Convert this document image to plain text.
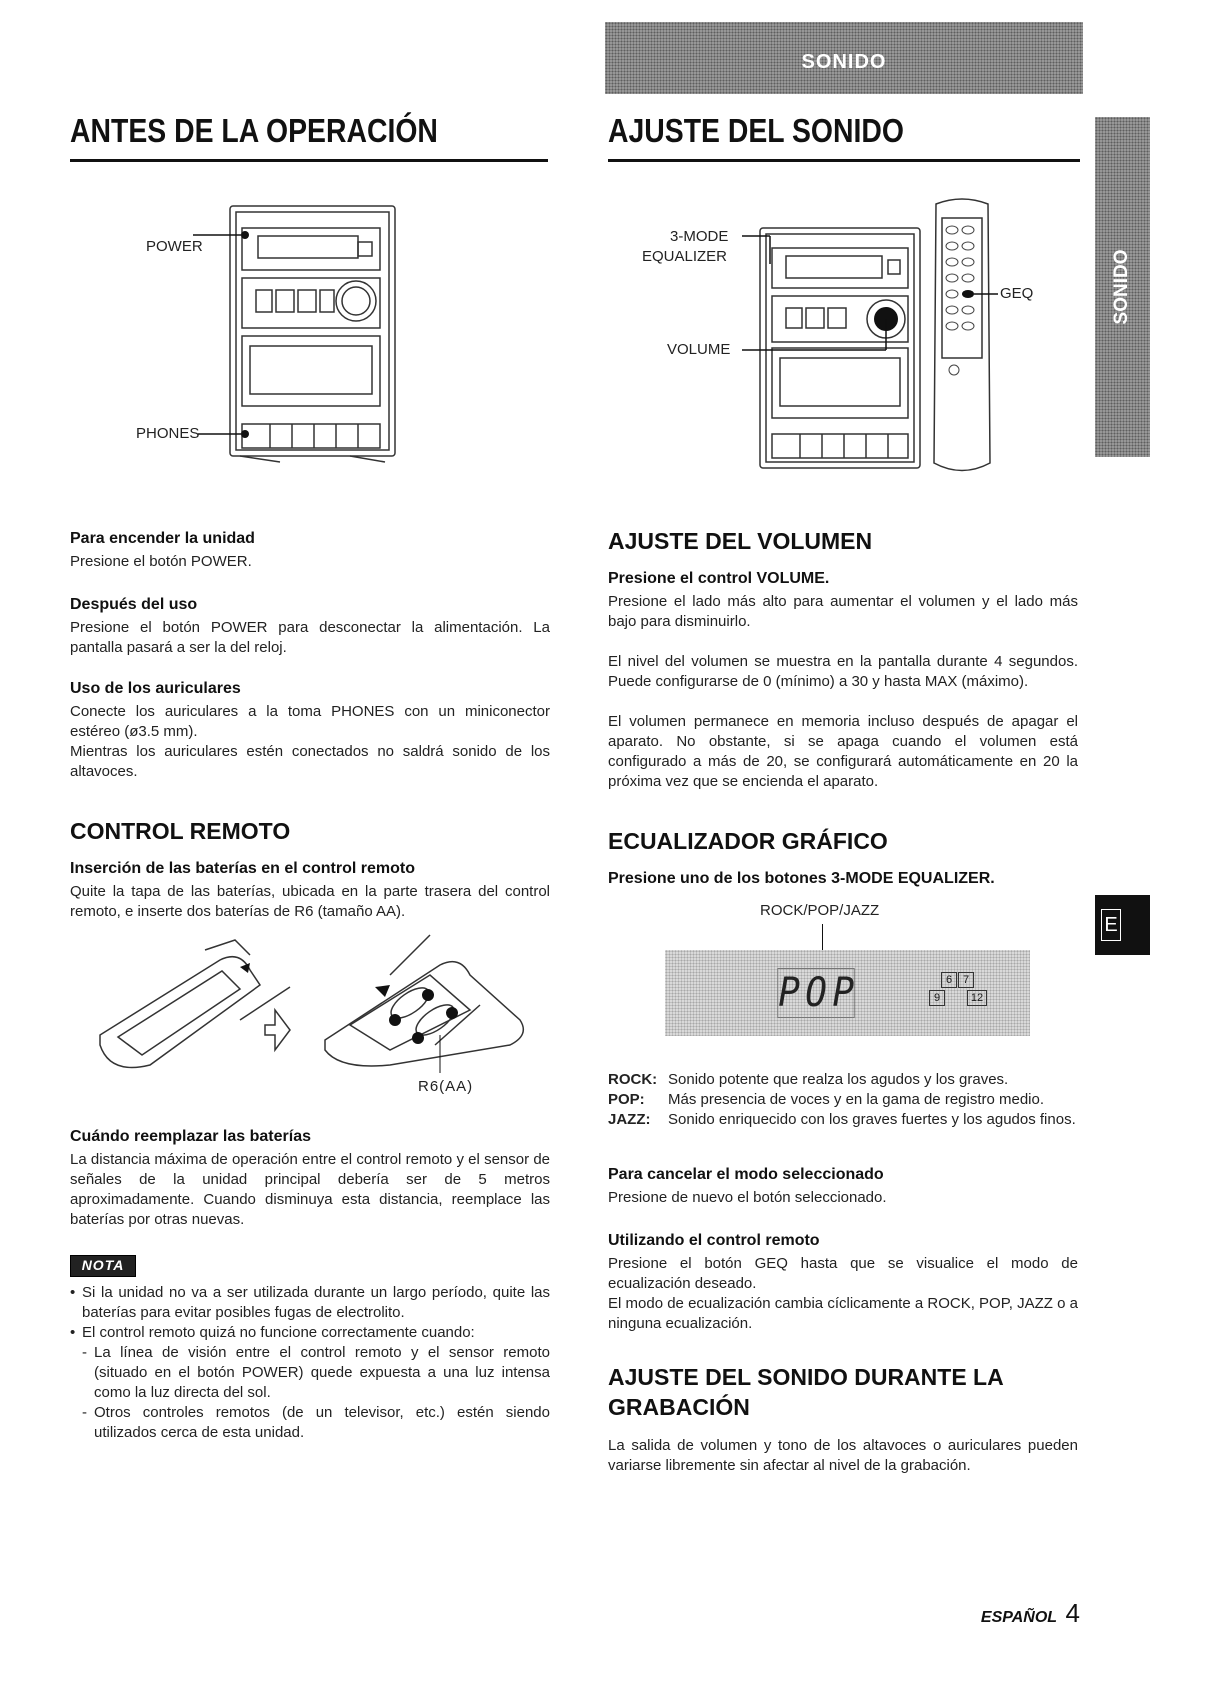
SONIDO
SONIDO
E
ANTES DE LA OPERACIÓN
POWER
PHONES
Para encender la unidad
Presione el botón POWER.
Después del uso
Presione el botón POWER para desconectar la alimentación. La pantalla pasará a ser la del reloj.
Uso de los auriculares
Conecte los auriculares a la toma PHONES con un miniconector estéreo (ø3.5 mm).
Mientras los auriculares estén conectados no saldrá sonido de los altavoces.
CONTROL REMOTO
Inserción de las baterías en el control remoto
Quite la tapa de las baterías, ubicada en la parte trasera del control remoto, e inserte dos baterías de R6 (tamaño AA).
R6(AA)
Cuándo reemplazar las baterías
La distancia máxima de operación entre el control remoto y el sensor de señales de la unidad principal debería ser de 5 metros aproximadamente. Cuando disminuya esta distancia, reemplace las baterías por otras nuevas.
NOTA
• Si la unidad no va a ser utilizada durante un largo período, quite las baterías para evitar posibles fugas de electrolito.
• El control remoto quizá no funcione correctamente cuando:
- La línea de visión entre el control remoto y el sensor remoto (situado en el botón POWER) quede expuesta a una luz intensa como la luz directa del sol.
- Otros controles remotos (de un televisor, etc.) estén siendo utilizados cerca de esta unidad.
AJUSTE DEL SONIDO
3-MODE
EQUALIZER
VOLUME
GEQ
AJUSTE DEL VOLUMEN
Presione el control VOLUME.
Presione el lado más alto para aumentar el volumen y el lado más bajo para disminuirlo.
El nivel del volumen se muestra en la pantalla durante 4 segundos. Puede configurarse de 0 (mínimo) a 30 y hasta MAX (máximo).
El volumen permanece en memoria incluso después de apagar el aparato. No obstante, si se apaga cuando el volumen está configurado a más de 20, se configurará automáticamente en 20 la próxima vez que se encienda el aparato.
ECUALIZADOR GRÁFICO
Presione uno de los botones 3-MODE EQUALIZER.
ROCK/POP/JAZZ
POP	6 7
9	12
ROCK: Sonido potente que realza los agudos y los graves.
POP:	Más presencia de voces y en la gama de registro medio.
JAZZ:	Sonido enriquecido con los graves fuertes y los agudos finos.
Para cancelar el modo seleccionado
Presione de nuevo el botón seleccionado.
Utilizando el control remoto
Presione el botón GEQ hasta que se visualice el modo de ecualización deseado.
El modo de ecualización cambia cíclicamente a ROCK, POP, JAZZ o a ninguna ecualización.
AJUSTE DEL SONIDO DURANTE LA
GRABACIÓN
La salida de volumen y tono de los altavoces o auriculares pueden variarse libremente sin afectar al nivel de la grabación.
ESPAÑOL 4
